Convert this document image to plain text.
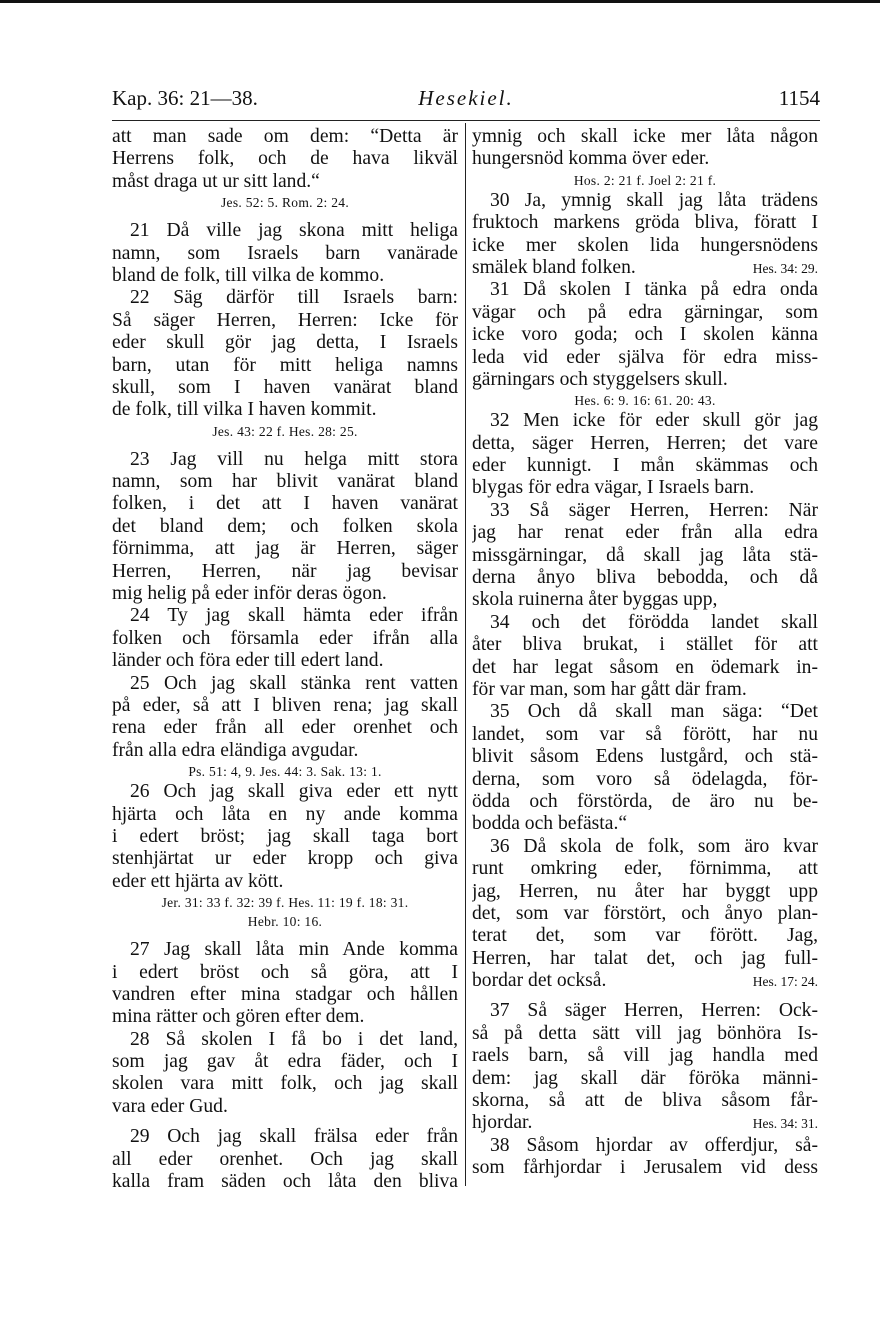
Kap. 36: 21—38.	Hesekiel.	1154
att man sade om dem: “Detta är
Herrens folk, och de hava likväl
måst draga ut ur sitt land.“
Jes. 52: 5. Rom. 2: 24.
21 Då ville jag skona mitt heliga
namn, som Israels barn vanärade
bland de folk, till vilka de kommo.
22 Säg därför till Israels barn:
Så säger Herren, Herren: Icke för
eder skull gör jag detta, I Israels
barn, utan för mitt heliga namns
skull, som I haven vanärat bland
de folk, till vilka I haven kommit.
Jes. 43: 22 f. Hes. 28: 25.
23 Jag vill nu helga mitt stora
namn, som har blivit vanärat bland
folken, i det att I haven vanärat
det bland dem; och folken skola
förnimma, att jag är Herren, säger
Herren, Herren, när jag bevisar
mig helig på eder inför deras ögon.
24 Ty jag skall hämta eder ifrån
folken och församla eder ifrån alla
länder och föra eder till edert land.
25 Och jag skall stänka rent vatten
på eder, så att I bliven rena; jag skall
rena eder från all eder orenhet och
från alla edra eländiga avgudar.
Ps. 51: 4, 9. Jes. 44: 3. Sak. 13: 1.
26 Och jag skall giva eder ett nytt
hjärta och låta en ny ande komma
i edert bröst; jag skall taga bort
stenhjärtat ur eder kropp och giva
eder ett hjärta av kött.
Jer. 31: 33 f. 32: 39 f. Hes. 11: 19 f. 18: 31.
Hebr. 10: 16.
27 Jag skall låta min Ande komma
i edert bröst och så göra, att I
vandren efter mina stadgar och hållen
mina rätter och gören efter dem.
28 Så skolen I få bo i det land,
som jag gav åt edra fäder, och I
skolen vara mitt folk, och jag skall
vara eder Gud.
29 Och jag skall frälsa eder från
all eder orenhet. Och jag skall
kalla fram säden och låta den bliva
ymnig och skall icke mer låta någon
hungersnöd komma över eder.
Hos. 2: 21 f. Joel 2: 21 f.
30 Ja, ymnig skall jag låta trädens
fruktoch markens gröda bliva, föratt I
icke mer skolen lida hungersnödens
smälek bland folken.	Hes. 34: 29.
31 Då skolen I tänka på edra onda
vägar och på edra gärningar, som
icke voro goda; och I skolen känna
leda vid eder själva för edra miss-
gärningars och styggelsers skull.
Hes. 6: 9. 16: 61. 20: 43.
32 Men icke för eder skull gör jag
detta, säger Herren, Herren; det vare
eder kunnigt. I mån skämmas och
blygas för edra vägar, I Israels barn.
33 Så säger Herren, Herren: När
jag har renat eder från alla edra
missgärningar, då skall jag låta stä-
derna ånyo bliva bebodda, och då
skola ruinerna åter byggas upp,
34 och det förödda landet skall
åter bliva brukat, i stället för att
det har legat såsom en ödemark in-
för var man, som har gått där fram.
35 Och då skall man säga: “Det
landet, som var så förött, har nu
blivit såsom Edens lustgård, och stä-
derna, som voro så ödelagda, för-
ödda och förstörda, de äro nu be-
bodda och befästa.“
36 Då skola de folk, som äro kvar
runt omkring eder, förnimma, att
jag, Herren, nu åter har byggt upp
det, som var förstört, och ånyo plan-
terat det, som var förött. Jag,
Herren, har talat det, och jag full-
bordar det också.	Hes. 17: 24.
37 Så säger Herren, Herren: Ock-
så på detta sätt vill jag bönhöra Is-
raels barn, så vill jag handla med
dem: jag skall där föröka männi-
skorna, så att de bliva såsom får-
hjordar.	Hes. 34: 31.
38 Såsom hjordar av offerdjur, så-
som fårhjordar i Jerusalem vid dess
